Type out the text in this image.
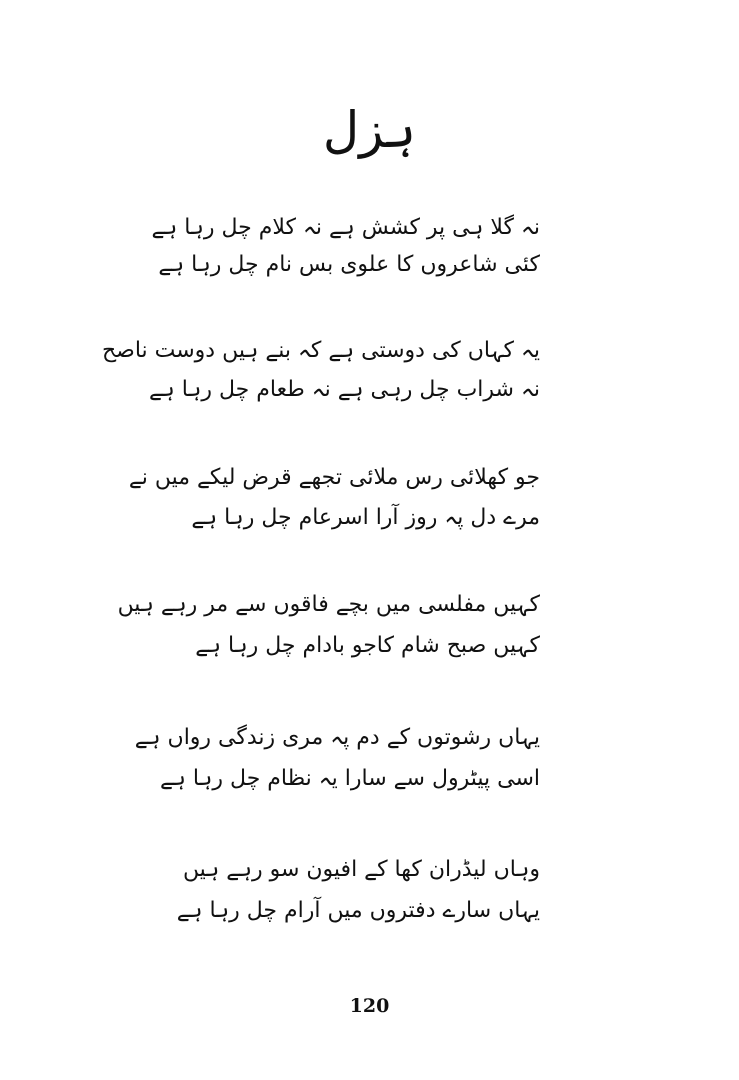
ہزل
نہ گلا ہی پر کشش ہے نہ کلام چل رہا ہے
کئی شاعروں کا علوی بس نام چل رہا ہے
یہ کہاں کی دوستی ہے کہ بنے ہیں دوست ناصح
نہ شراب چل رہی ہے نہ طعام چل رہا ہے
جو کھلائی رس ملائی تجھے قرض لیکے میں نے
مرے دل پہ روز آرا اسرعام چل رہا ہے
کہیں مفلسی میں بچے فاقوں سے مر رہے ہیں
کہیں صبح شام کاجو بادام چل رہا ہے
یہاں رشوتوں کے دم پہ مری زندگی رواں ہے
اسی پیٹرول سے سارا یہ نظام چل رہا ہے
وہاں لیڈران کھا کے افیون سو رہے ہیں
یہاں سارے دفتروں میں آرام چل رہا ہے
120
